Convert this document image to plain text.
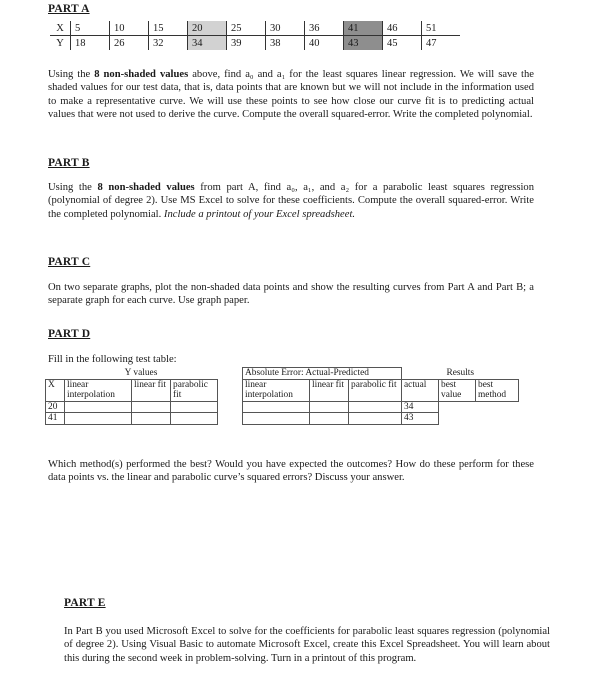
PART A
X	5	10	15	20	25	30	36	41	46	51
Y	18	26	32	34	39	38	40	43	45	47
Using the 8 non-shaded values above, find a₀ and a₁ for the least squares linear regression. We will save the shaded values for our test data, that is, data points that are known but we will not include in the information used to make a representative curve. We will use these points to see how close our curve fit is to predicting actual values that were not used to derive the curve. Compute the overall squared-error. Write the completed polynomial.
PART B
Using the 8 non-shaded values from part A, find a₀, a₁, and a₂ for a parabolic least squares regression (polynomial of degree 2). Use MS Excel to solve for these coefficients. Compute the overall squared-error. Write the completed polynomial. Include a printout of your Excel spreadsheet.
PART C
On two separate graphs, plot the non-shaded data points and show the resulting curves from Part A and Part B; a separate graph for each curve. Use graph paper.
PART D
Fill in the following test table:
	Y values				Absolute Error: Actual-Predicted			Results		
X	linear interpolation	linear fit	parabolic fit		linear interpolation	linear fit	parabolic fit	actual	best value	best method
20								34		
41								43		
Which method(s) performed the best? Would you have expected the outcomes? How do these perform for these data points vs. the linear and parabolic curve’s squared errors? Discuss your answer.
PART E
In Part B you used Microsoft Excel to solve for the coefficients for parabolic least squares regression (polynomial of degree 2). Using Visual Basic to automate Microsoft Excel, create this Excel Spreadsheet. You will learn about this during the second week in problem-solving. Turn in a printout of this program.
